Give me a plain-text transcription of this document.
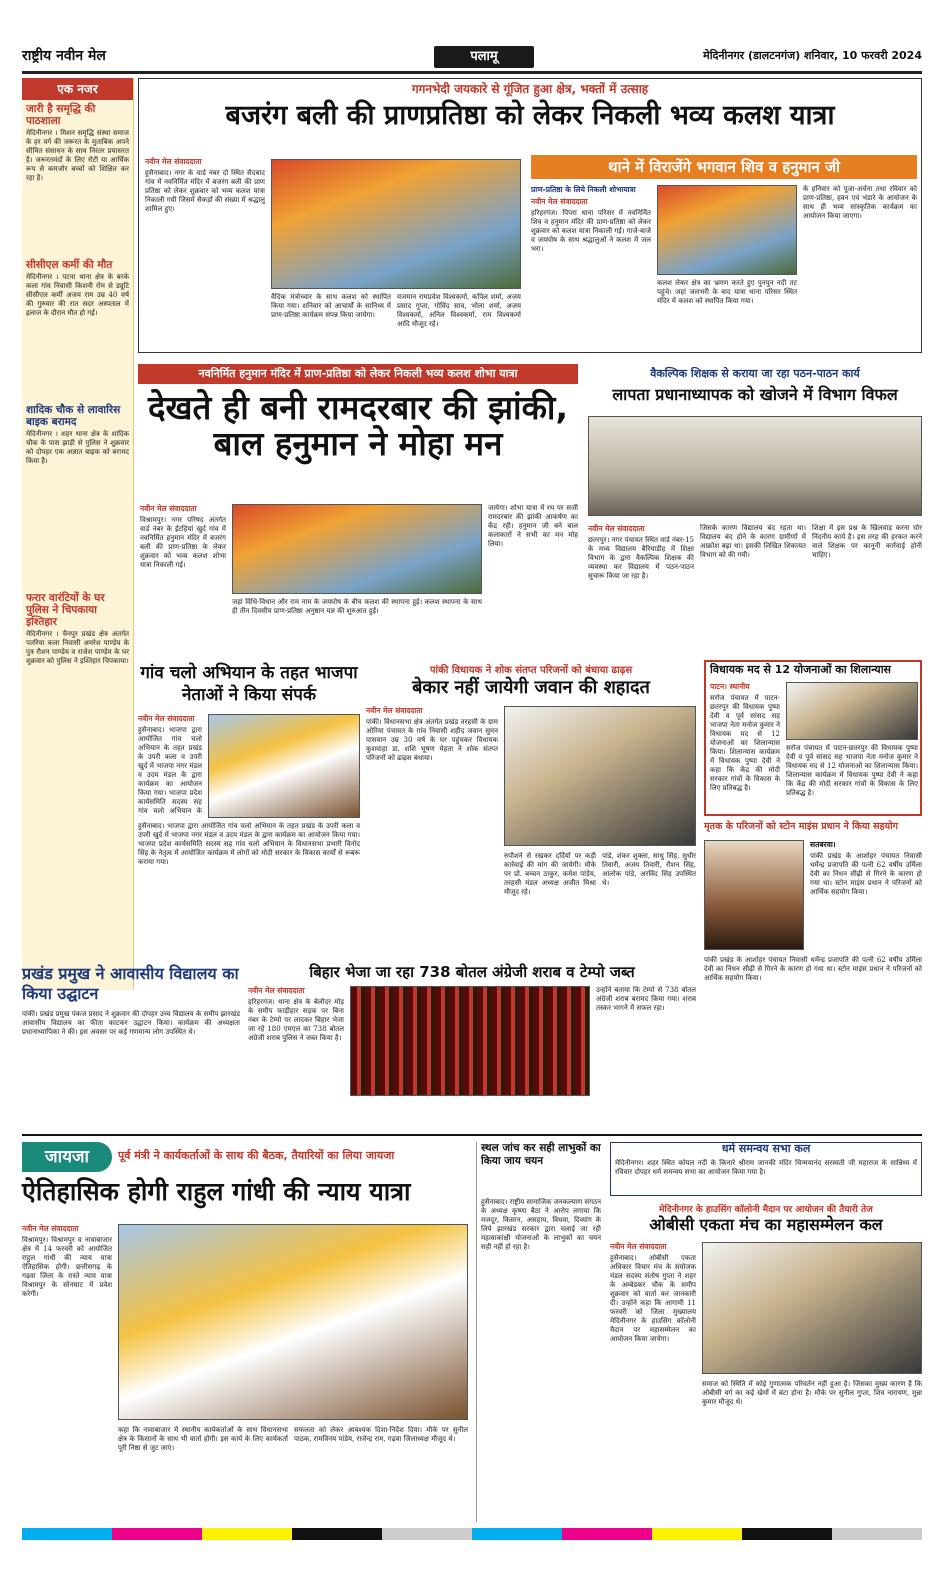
राष्ट्रीय नवीन मेल	पलामू	मेदिनीनगर (डालटनगंज) शनिवार, 10 फरवरी 2024
एक नजर
जारी है समृद्धि की पाठशाला
मेदिनीनगर । मिशन समृद्धि संस्था समाज के हर वर्ग की जरूरत के मुताबिक अपने सीमित संसाधन के साथ निरंतर प्रयासरत है। जरूरतमंदों के लिए रोटी या आर्थिक रूप से कमजोर बच्चों को शिक्षित कर रहा है।
सीसीएल कर्मी की मौत
मेदिनीनगर । पटना थाना क्षेत्र के बरके कला गांव निवासी किशनी रोम से ड्यूटि सीसीएल कर्मी अजय राम उम्र 40 वर्ष की गुरुवार की रात सदर अस्पताल में इलाज के दौरान मौत हो गई।
शादिक चौक से लावारिस बाइक बरामद
मेदिनीनगर । शहर थाना क्षेत्र के शादिक चौक के पास झाड़ी से पुलिस ने शुक्रवार को दोपहर एक अज्ञात बाइक को बरामद किया है।
फरार वारंटियों के घर पुलिस ने चिपकाया इश्तिहार
मेदिनीनगर । चैनपुर प्रखंड क्षेत्र अंतर्गत पतरिया कला निवासी अमरेश पाण्डेय के पुत्र रौशन पाण्डेय व राजेश पाण्डेय के घर शुक्रवार को पुलिस ने इश्तिहार चिपकाया।
गगनभेदी जयकारे से गूंजित हुआ क्षेत्र, भक्तों में उत्साह
बजरंग बली की प्राणप्रतिष्ठा को लेकर निकली भव्य कलश यात्रा
नवीन मेल संवाददाता
हुसैनाबाद। नगर के वार्ड नंबर दो स्थित सैदबाद गांव में नवनिर्मित मंदिर में बजरंग बली की प्राण प्रतिष्ठा को लेकर शुक्रवार को भव्य कलश यात्रा निकाली गयी जिसमें सैकड़ों की संख्या में श्रद्धालु शामिल हुए।
वैदिक मंत्रोच्चार के साथ कलश को स्थापित किया गया। शनिवार को आचार्यों के सानिध्य में प्राण-प्रतिष्ठा कार्यक्रम संपन्न किया जायेगा।
यजमान रामप्रवेश विश्वकर्मा, कपिल शर्मा, अजय प्रसाद गुप्ता, गोविंद साव, भोला शर्मा, अजय विश्वकर्मा, अनिल विश्वकर्मा, राम विश्वकर्मा आदि मौजूद रहे।
थाने में विराजेंगे भगवान शिव व हनुमान जी
प्राण-प्रतिष्ठा के लिये निकली शोभायात्रा
नवीन मेल संवाददाता
हरिहरगंज। पिपरा थाना परिसर में नवनिर्मित शिव व हनुमान मंदिर की प्राण-प्रतिष्ठा को लेकर शुक्रवार को कलश यात्रा निकाली गई। गाजे-बाजे व जयघोष के साथ श्रद्धालुओं ने कलश में जल भरा।
कलश लेकर क्षेत्र का भ्रमण करते हुए पुनपुन नदी तट पहुंचे। जहां जलभरी के बाद यात्रा थाना परिसर स्थित मंदिर में कलश को स्थापित किया गया।
के हनिवार को पूजा-अर्चना तथा रविवार को प्राण-प्रतिष्ठा, हवन एवं भंडारे के आयोजन के साथ ही भव्य सांस्कृतिक कार्यक्रम का आयोजन किया जाएगा।
नवनिर्मित हनुमान मंदिर में प्राण-प्रतिष्ठा को लेकर निकली भव्य कलश शोभा यात्रा
देखते ही बनी रामदरबार की झांकी, बाल हनुमान ने मोहा मन
नवीन मेल संवाददाता
विश्रामपुर। नगर परिषद अंतर्गत वार्ड नंबर के ईटहियां खुर्द गांव में नवनिर्मित हनुमान मंदिर में बजरंग बली की प्राण-प्रतिष्ठा के लेकर शुक्रवार को भव्य कलश शोभा यात्रा निकाली गई।
जहां विधि-विधान और राम नाम के जयघोष के बीच कलश की स्थापना हुई। कलश स्थापना के साथ ही तीन दिवसीय प्राण-प्रतिष्ठा अनुष्ठान यज्ञ की शुरुआत हुई।
जायेगा। शोभा यात्रा में रथ पर सजी रामदरबार की झांकी आकर्षण का केंद्र रही। हनुमान जी बने बाल कलाकारों ने सभी का मन मोह लिया।
वैकल्पिक शिक्षक से कराया जा रहा पठन-पाठन कार्य
लापता प्रधानाध्यापक को खोजने में विभाग विफल
नवीन मेल संवाददाता
छतरपुर। नगर पंचायत स्थित वार्ड नंबर-15 के मध्य विद्यालय बैरियाडीह में शिक्षा विभाग के द्वारा वैकल्पिक शिक्षक की व्यवस्था कर विद्यालय में पठन-पाठन सुचारू किया जा रहा है।
जिसके कारण विद्यालय बंद रहता था। विद्यालय बंद होने के कारण ग्रामीणों में आक्रोश बढ़ा था। इसकी लिखित शिकायत विभाग को की गयी।
शिक्षा में इस प्रश्न के खिलवाड़ करना घोर निंदनीय कार्य है। इस तरह की हरकत करने वाले शिक्षक पर कानूनी कार्रवाई होनी चाहिए।
गांव चलो अभियान के तहत भाजपा नेताओं ने किया संपर्क
नवीन मेल संवाददाता
हुसैनाबाद। भाजपा द्वारा आयोजित गांव चलो अभियान के तहत प्रखंड के उपरी कला व उपरी खुर्द में भाजपा नगर मंडल व उदय मंडल के द्वारा कार्यक्रम का आयोजन किया गया। भाजपा प्रदेश कार्यसमिति सदस्य सह गांव चलो अभियान के
हुसैनाबाद। भाजपा द्वारा आयोजित गांव चलो अभियान के तहत प्रखंड के उपरी कला व उपरी खुर्द में भाजपा नगर मंडल व उदय मंडल के द्वारा कार्यक्रम का आयोजन किया गया। भाजपा प्रदेश कार्यसमिति सदस्य सह गांव चलो अभियान के विधानसभा प्रभारी विनोद सिंह के नेतृत्व में आयोजित कार्यक्रम में लोगों को मोदी सरकार के विकास कार्यों से रूबरू कराया गया।
पांकी विधायक ने शोक संतप्त परिजनों को बंधाया ढाढ़स
बेकार नहीं जायेगी जवान की शहादत
नवीन मेल संवाददाता
पांकी। विधानसभा क्षेत्र अंतर्गत प्रखंड तरहसी के ग्राम ओरिया पंचायत के गांव निवासी शहीद जवान सुमन पासवान उम्र 30 वर्ष के घर पहुंचकर विधायक कुशवाहा डा. शशि भूषण मेहता ने शोक संतप्त परिजनों को ढाढ़स बंधाया।
रुपौशने से रखकर दर्दियों पर कड़ी कार्रवाई की मांग की जायेगी। मौके पर प्रो. बच्चन ठाकुर, कमेश पांडेय, तरहसी मंडल अध्यक्ष अजीत मिश्रा मौजूद रहे।
पांडे, शंकर शुक्ला, साधु सिंह, सुधीर तिवारी, अजय तिवारी, रौशन सिंह, आलोक पांडे, अरविंद सिंह उपस्थित थे।
विधायक मद से 12 योजनाओं का शिलान्यास
पाटन। स्थानीय
सरोज पंचायत में पाटन-छतरपुर की विधायक पुष्पा देवी व पूर्व सांसद सह भाजपा नेता मनोज कुमार ने विधायक मद से 12 योजनाओं का शिलान्यास किया। शिलान्यास कार्यक्रम में विधायक पुष्पा देवी ने कहा कि केंद्र की मोदी सरकार गांवों के विकास के लिए प्रतिबद्ध है।
सरोज पंचायत में पाटन-छतरपुर की विधायक पुष्पा देवी व पूर्व सांसद सह भाजपा नेता मनोज कुमार ने विधायक मद से 12 योजनाओं का शिलान्यास किया। शिलान्यास कार्यक्रम में विधायक पुष्पा देवी ने कहा कि केंद्र की मोदी सरकार गांवों के विकास के लिए प्रतिबद्ध है।
मृतक के परिजनों को स्टोन माइंस प्रधान ने किया सहयोग
सतबरवा।
पांकी प्रखंड के आशोहर पंचायत निवासी धर्मेन्द्र प्रजापति की पत्नी 62 वर्षीय उर्मिला देवी का निधन सीढ़ी से गिरने के कारण हो गया था। स्टोन माइंस प्रधान ने परिजनों को आर्थिक सहयोग किया।
पांकी प्रखंड के आशोहर पंचायत निवासी धर्मेन्द्र प्रजापति की पत्नी 62 वर्षीय उर्मिला देवी का निधन सीढ़ी से गिरने के कारण हो गया था। स्टोन माइंस प्रधान ने परिजनों को आर्थिक सहयोग किया।
प्रखंड प्रमुख ने आवासीय विद्यालय का किया उद्घाटन
पांकी। प्रखंड प्रमुख पंकज प्रसाद ने शुक्रवार की दोपहर उच्च विद्यालय के समीप झारखंड आवासीय विद्यालय का फीता काटकर उद्घाटन किया। कार्यक्रम की अध्यक्षता प्रधानाध्यापिका ने की। इस अवसर पर कई गणमान्य लोग उपस्थित थे।
बिहार भेजा जा रहा 738 बोतल अंग्रेजी शराब व टेम्पो जब्त
नवीन मेल संवाददाता
हरिहरगंज। थाना क्षेत्र के बेलौदर मोड़ के समीप फाड़ीहार सड़क पर बिना नंबर के टेम्पो पर लादकर बिहार भेजा जा रहे 180 एमएल का 738 बोतल अंग्रेजी शराब पुलिस ने जब्त किया है।
उन्होंने बताया कि टेम्पो से 738 बोतल अंग्रेजी शराब बरामद किया गया। शराब तस्कर भागने में सफल रहा।
जायजा	पूर्व मंत्री ने कार्यकर्ताओं के साथ की बैठक, तैयारियों का लिया जायजा
ऐतिहासिक होगी राहुल गांधी की न्याय यात्रा
नवीन मेल संवाददाता
विश्रामपुर। विश्रामपुर व नावाबाजार क्षेत्र में 14 फरवरी को आयोजित राहुल गांधी की न्याय यात्रा ऐतिहासिक होगी। छत्तीसगढ़ के गढ़वा जिला के रास्ते न्याय यात्रा विश्रामपुर के सोनघाट में प्रवेश करेगी।
कहा कि नावाबाजार में स्थानीय कार्यकर्ताओं के साथ विधानसभा क्षेत्र के किसानों के साथ भी वार्ता होगी। इस कार्य के लिए कार्यकर्ता पूरी निष्ठा से जुट जाएं।
सफलता को लेकर आवश्यक दिशा-निर्देश दिया। मौके पर सुनील पाठक, रामविनय पांडेय, राजेन्द्र राम, गढ़वा जिलाध्यक्ष मौजूद थे।
स्थल जांच कर सही लाभुकों का किया जाय चयन
हुसैनाबाद। राष्ट्रीय सामाजिक जनकल्याण संगठन के अध्यक्ष कृष्णा बैठा ने आरोप लगाया कि मजदूर, किसान, असहाय, विधवा, दिव्यांग के लिये झारखंड सरकार द्वारा चलाई जा रही महत्वाकांक्षी योजनाओं के लाभुकों का चयन सही नहीं हो रहा है।
धर्म समन्वय सभा कल
मेदिनीनगर। शहर स्थित कोयल नदी के किनारे श्रीराम जानकी मंदिर चिन्मयानंद सरस्वती जी महाराज के सान्निध्य में रविवार दोपहर धर्म समन्वय सभा का आयोजन किया गया है।
मेदिनीनगर के हाउसिंग कॉलोनी मैदान पर आयोजन की तैयारी तेज
ओबीसी एकता मंच का महासम्मेलन कल
नवीन मेल संवाददाता
हुसैनाबाद। ओबीसी एकता अधिकार विचार मंच के संयोजक मंडल सदस्य संतोष गुप्ता ने शहर के अम्बेडकर चौक के समीप शुक्रवार को वार्ता कर जानकारी दी। उन्होंने कहा कि आगामी 11 फरवरी को जिला मुख्यालय मेदिनीनगर के हाउसिंग कॉलोनी मैदान पर महासम्मेलन का आयोजन किया जायेगा।
समाज को स्थिति में कोई गुणात्मक परिवर्तन नहीं हुआ है। जिसका मुख्य कारण है कि ओबीसी वर्ग का कई खेमों में बंटा होना है। मौके पर सुनील गुप्ता, शिव नारायण, मुन्ना कुमार मौजूद थे।
